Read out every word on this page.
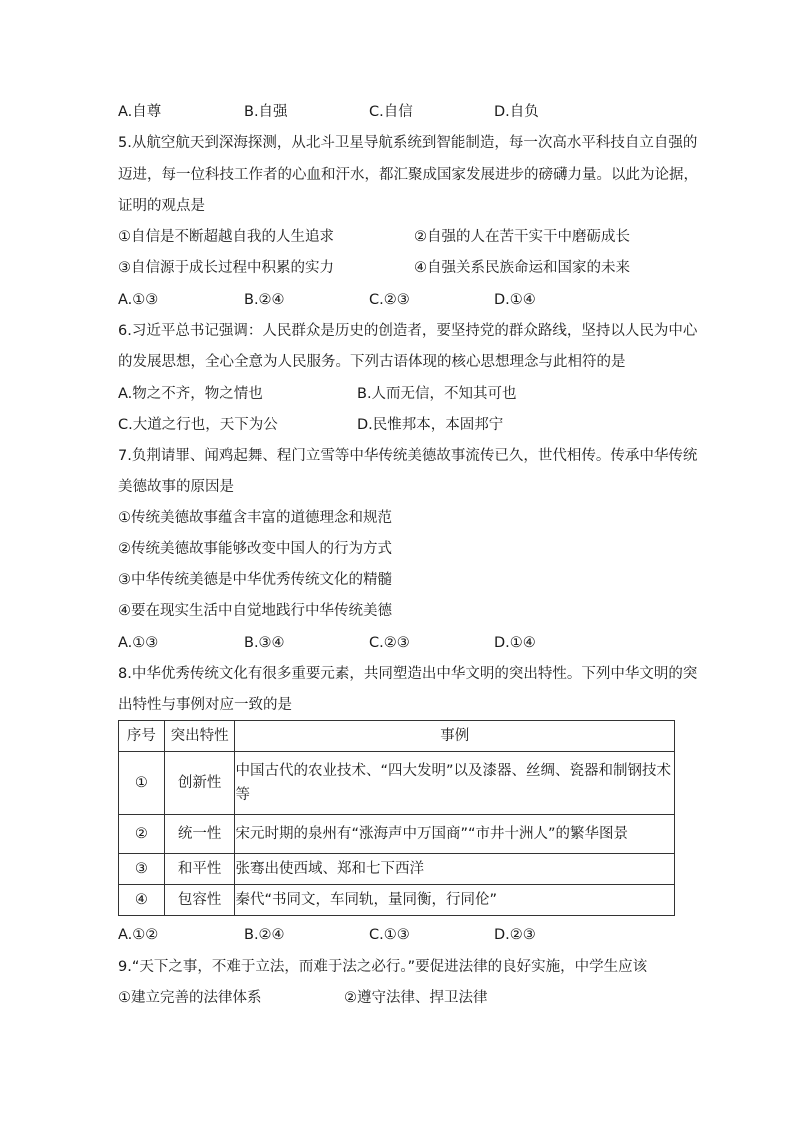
A.自尊	B.自强	C.自信	D.自负
5.从航空航天到深海探测，从北斗卫星导航系统到智能制造，每一次高水平科技自立自强的
迈进，每一位科技工作者的心血和汗水，都汇聚成国家发展进步的磅礴力量。以此为论据，
证明的观点是
①自信是不断超越自我的人生追求	②自强的人在苦干实干中磨砺成长
③自信源于成长过程中积累的实力	④自强关系民族命运和国家的未来
A.①③	B.②④	C.②③	D.①④
6.习近平总书记强调：人民群众是历史的创造者，要坚持党的群众路线，坚持以人民为中心
的发展思想，全心全意为人民服务。下列古语体现的核心思想理念与此相符的是
A.物之不齐，物之情也	B.人而无信，不知其可也
C.大道之行也，天下为公	D.民惟邦本，本固邦宁
7.负荆请罪、闻鸡起舞、程门立雪等中华传统美德故事流传已久，世代相传。传承中华传统
美德故事的原因是
①传统美德故事蕴含丰富的道德理念和规范
②传统美德故事能够改变中国人的行为方式
③中华传统美德是中华优秀传统文化的精髓
④要在现实生活中自觉地践行中华传统美德
A.①③	B.③④	C.②③	D.①④
8.中华优秀传统文化有很多重要元素，共同塑造出中华文明的突出特性。下列中华文明的突
出特性与事例对应一致的是
序号	突出特性	事例
①	创新性	中国古代的农业技术、“四大发明”以及漆器、丝绸、瓷器和制钢技术
等

②	统一性	宋元时期的泉州有“涨海声中万国商”“市井十洲人”的繁华图景
③	和平性	张骞出使西域、郑和七下西洋
④	包容性	秦代“书同文，车同轨，量同衡，行同伦”
A.①②	B.②④	C.①③	D.②③
9.“天下之事，不难于立法，而难于法之必行。”要促进法律的良好实施，中学生应该
①建立完善的法律体系	②遵守法律、捍卫法律
